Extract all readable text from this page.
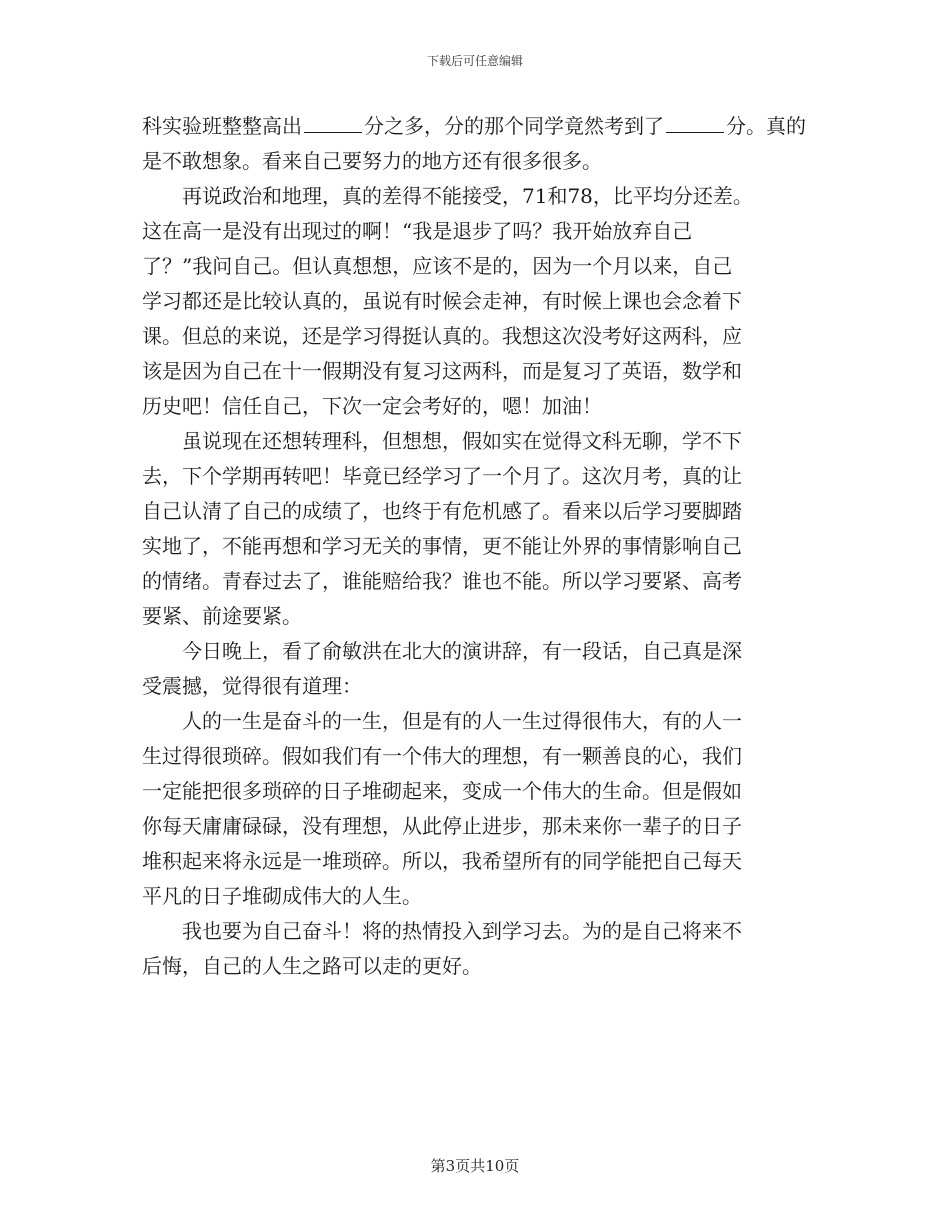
下载后可任意编辑
科实验班整整高出	分之多，分的那个同学竟然考到了	分。真的
是不敢想象。看来自己要努力的地方还有很多很多。
　　再说政治和地理，真的差得不能接受，71和78，比平均分还差。
这在高一是没有出现过的啊！“我是退步了吗？我开始放弃自己
了？”我问自己。但认真想想，应该不是的，因为一个月以来，自己
学习都还是比较认真的，虽说有时候会走神，有时候上课也会念着下
课。但总的来说，还是学习得挺认真的。我想这次没考好这两科，应
该是因为自己在十一假期没有复习这两科，而是复习了英语，数学和
历史吧！信任自己，下次一定会考好的，嗯！加油！
　　虽说现在还想转理科，但想想，假如实在觉得文科无聊，学不下
去，下个学期再转吧！毕竟已经学习了一个月了。这次月考，真的让
自己认清了自己的成绩了，也终于有危机感了。看来以后学习要脚踏
实地了，不能再想和学习无关的事情，更不能让外界的事情影响自己
的情绪。青春过去了，谁能赔给我？谁也不能。所以学习要紧、高考
要紧、前途要紧。
　　今日晚上，看了俞敏洪在北大的演讲辞，有一段话，自己真是深
受震撼，觉得很有道理：
　　人的一生是奋斗的一生，但是有的人一生过得很伟大，有的人一
生过得很琐碎。假如我们有一个伟大的理想，有一颗善良的心，我们
一定能把很多琐碎的日子堆砌起来，变成一个伟大的生命。但是假如
你每天庸庸碌碌，没有理想，从此停止进步，那未来你一辈子的日子
堆积起来将永远是一堆琐碎。所以，我希望所有的同学能把自己每天
平凡的日子堆砌成伟大的人生。
　　我也要为自己奋斗！将的热情投入到学习去。为的是自己将来不
后悔，自己的人生之路可以走的更好。
第3页共10页
